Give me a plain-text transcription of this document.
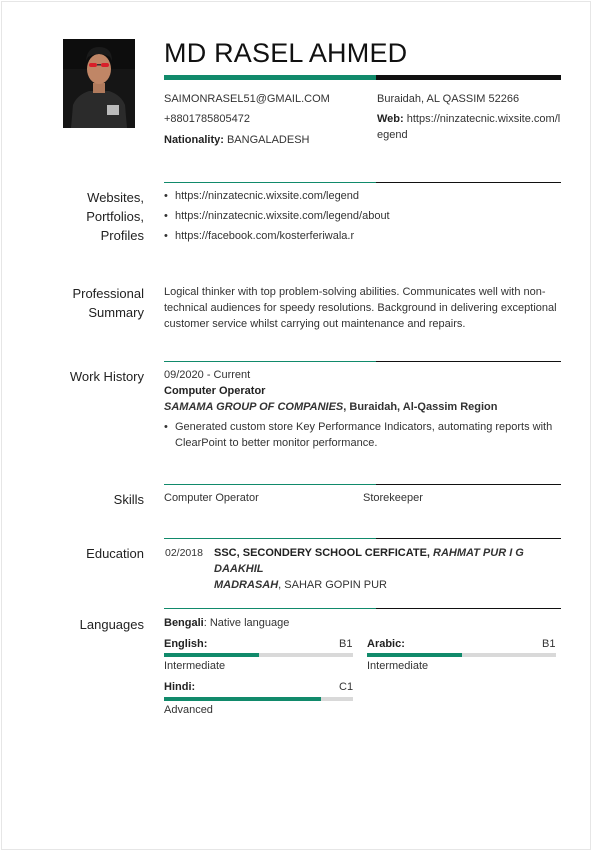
MD RASEL AHMED
SAIMONRASEL51@GMAIL.COM
+8801785805472
Nationality: BANGALADESH
Buraidah, AL QASSIM 52266
Web: https://ninzatecnic.wixsite.com/l
egend
Websites,
Portfolios,
Profiles
• https://ninzatecnic.wixsite.com/legend
• https://ninzatecnic.wixsite.com/legend/about
• https://facebook.com/kosterferiwala.r
Professional
Summary
Logical thinker with top problem-solving abilities. Communicates well with non-
technical audiences for speedy resolutions. Background in delivering exceptional
customer service whilst carrying out maintenance and repairs.
Work History 09/2020 - Current
Computer Operator
SAMAMA GROUP OF COMPANIES, Buraidah, Al-Qassim Region
• Generated custom store Key Performance Indicators, automating reports with
ClearPoint to better monitor performance.
Skills Computer Operator	Storekeeper
Education 02/2018 SSC, SECONDERY SCHOOL CERFICATE, RAHMAT PUR I G DAAKHIL
MADRASAH, SAHAR GOPIN PUR
Languages Bengali: Native language
English:	B1
Intermediate
Arabic:	B1
Intermediate
Hindi:	C1
Advanced
